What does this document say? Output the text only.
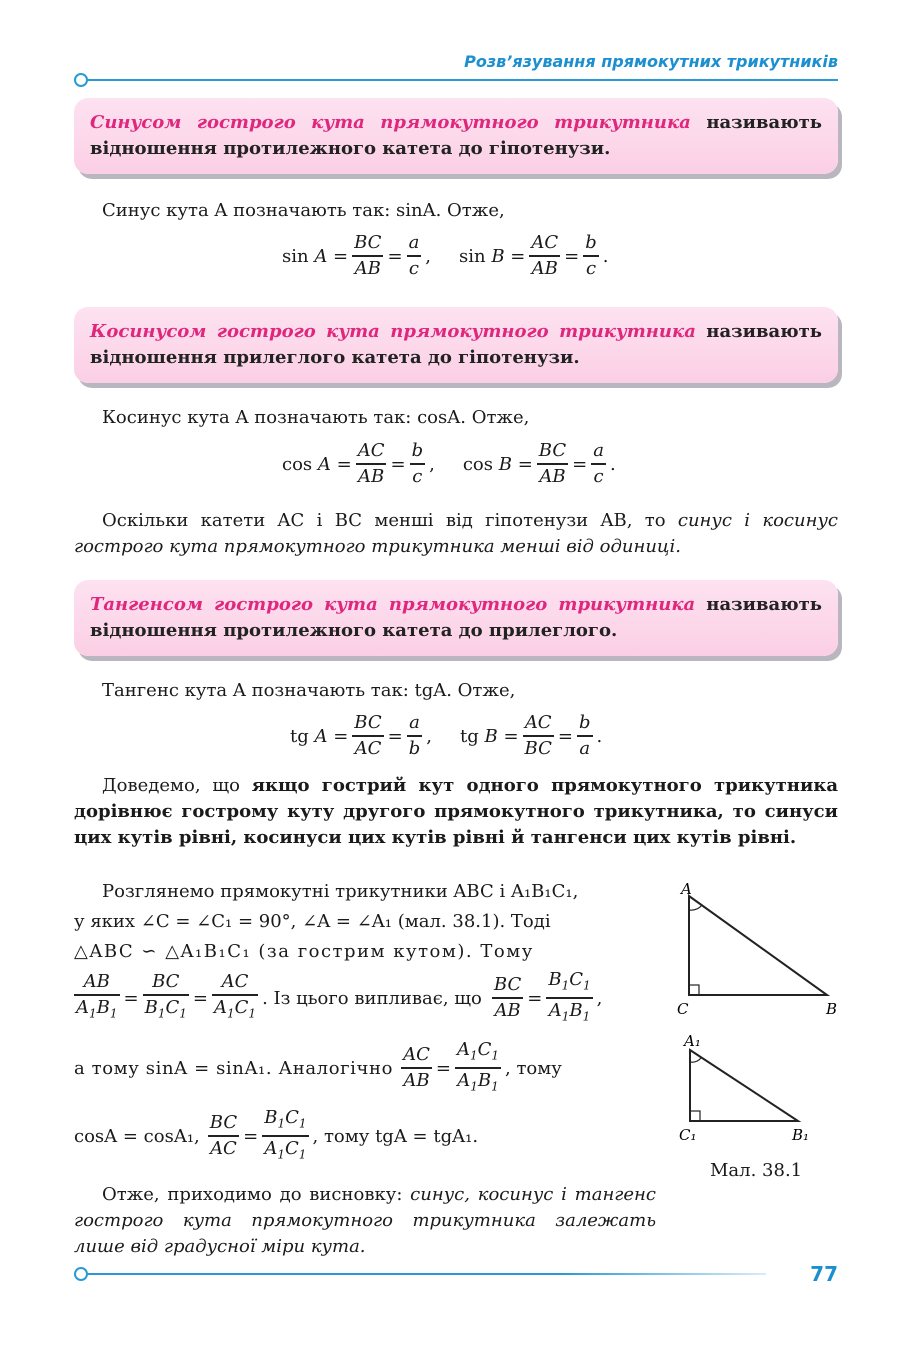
Розв’язування прямокутних трикутників
Синусом гострого кута прямокутного трикутника називають відношення протилежного катета до гіпотенузи.
Синус кута A позначають так: sinA. Отже,
$\sin A = \frac{BC}{AB} = \frac{a}{c}$ , $\sin B = \frac{AC}{AB} = \frac{b}{c}$ .
Косинусом гострого кута прямокутного трикутника називають відношення прилеглого катета до гіпотенузи.
Косинус кута A позначають так: cosA. Отже,
$\cos A = \frac{AC}{AB} = \frac{b}{c}$ , $\cos B = \frac{BC}{AB} = \frac{a}{c}$ .
Оскільки катети AC і BC менші від гіпотенузи AB, то синус і косинус гострого кута прямокутного трикутника менші від одиниці.
Тангенсом гострого кута прямокутного трикутника називають відношення протилежного катета до прилеглого.
Тангенс кута A позначають так: tgA. Отже,
tg $A = \frac{BC}{AC} = \frac{a}{b}$ , tg $B = \frac{AC}{BC} = \frac{b}{a}$ .
Доведемо, що якщо гострий кут одного прямокутного трикутника дорівнює гострому куту другого прямокутного трикутника, то синуси цих кутів рівні, косинуси цих кутів рівні й тангенси цих кутів рівні.
Розглянемо прямокутні трикутники ABC і A₁B₁C₁,
у яких ∠C = ∠C₁ = 90°, ∠A = ∠A₁ (мал. 38.1). Тоді
△ABC ∽ △A₁B₁C₁ (за гострим кутом). Тому
$\frac{AB}{A_1B_1} = \frac{BC}{B_1C_1} = \frac{AC}{A_1C_1}$ . Із цього випливає, що $\frac{BC}{AB} = \frac{B_1C_1}{A_1B_1}$ ,
а тому sinA = sinA₁. Аналогічно $\frac{AC}{AB} = \frac{A_1C_1}{A_1B_1}$ , тому
cosA = cosA₁, $\frac{BC}{AC} = \frac{B_1C_1}{A_1C_1}$ , тому tgA = tgA₁.
Отже, приходимо до висновку: синус, косинус і тангенс гострого кута прямокутного трикутника залежать лише від градусної міри кута.
A
C	B
A₁
C₁	B₁
Мал. 38.1
77
